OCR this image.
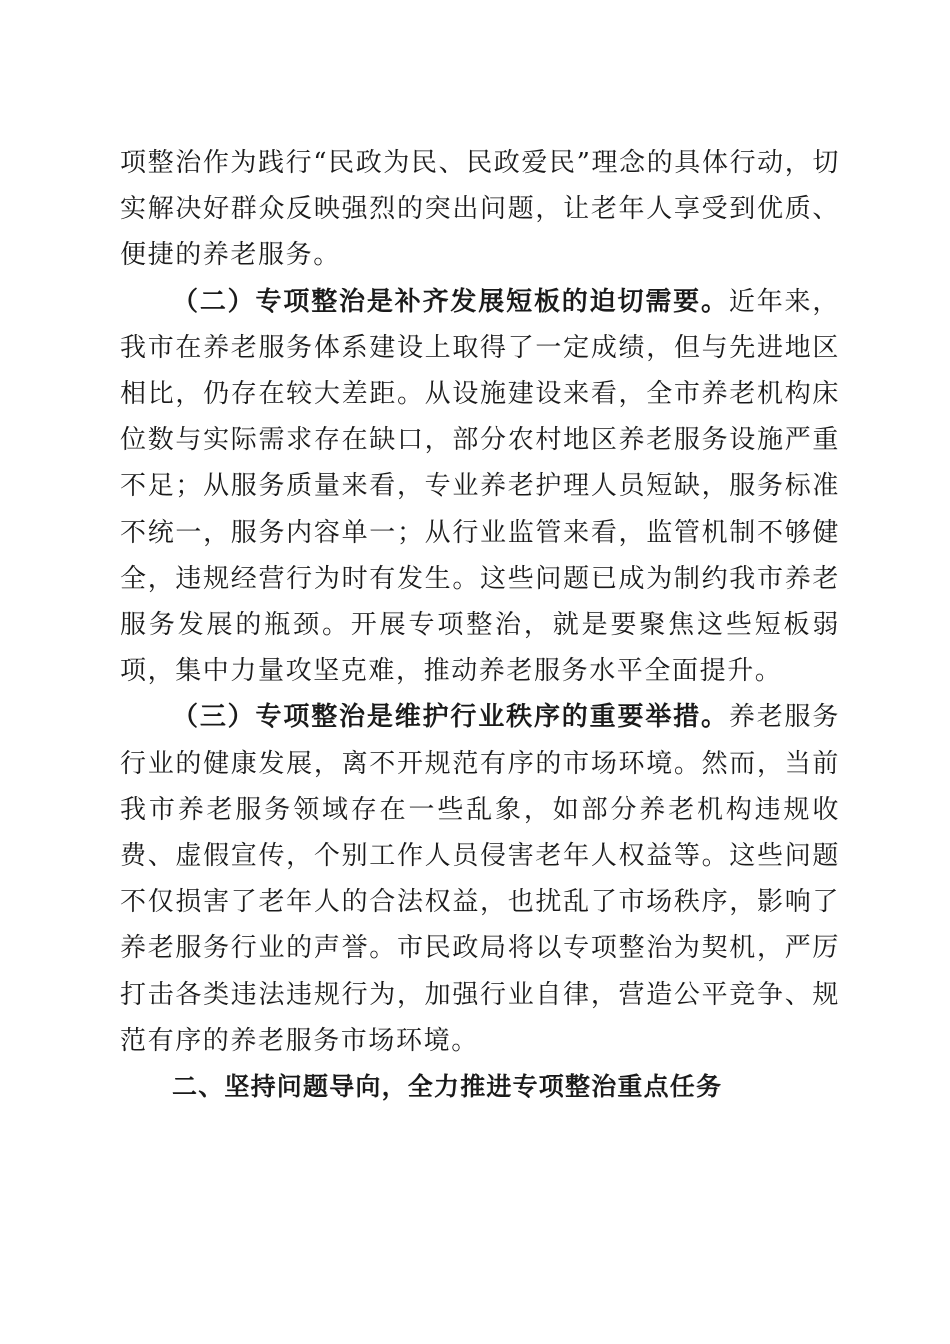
项整治作为践行“民政为民、民政爱民”理念的具体行动，切实解决好群众反映强烈的突出问题，让老年人享受到优质、便捷的养老服务。

（二）专项整治是补齐发展短板的迫切需要。近年来，我市在养老服务体系建设上取得了一定成绩，但与先进地区相比，仍存在较大差距。从设施建设来看，全市养老机构床位数与实际需求存在缺口，部分农村地区养老服务设施严重不足；从服务质量来看，专业养老护理人员短缺，服务标准不统一，服务内容单一；从行业监管来看，监管机制不够健全，违规经营行为时有发生。这些问题已成为制约我市养老服务发展的瓶颈。开展专项整治，就是要聚焦这些短板弱项，集中力量攻坚克难，推动养老服务水平全面提升。

（三）专项整治是维护行业秩序的重要举措。养老服务行业的健康发展，离不开规范有序的市场环境。然而，当前我市养老服务领域存在一些乱象，如部分养老机构违规收费、虚假宣传，个别工作人员侵害老年人权益等。这些问题不仅损害了老年人的合法权益，也扰乱了市场秩序，影响了养老服务行业的声誉。市民政局将以专项整治为契机，严厉打击各类违法违规行为，加强行业自律，营造公平竞争、规范有序的养老服务市场环境。

二、坚持问题导向，全力推进专项整治重点任务
